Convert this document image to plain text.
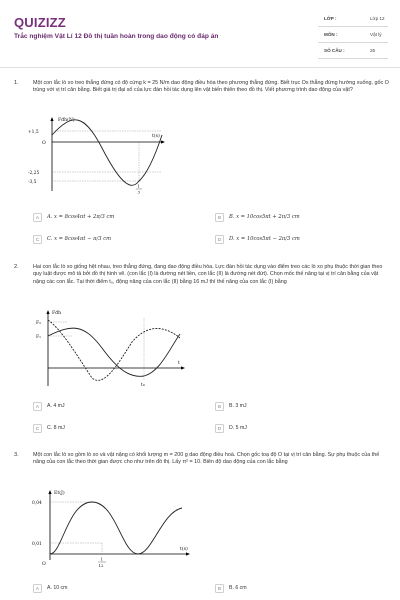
QUIZIZZ
Trắc nghiệm Vật Lí 12 Đồ thị tuần hoàn trong dao động có đáp án
LỚP :	Lớp 12
MÔN :	Vật lý
SỐ CÂU :	26
1.	Một con lắc lò xo treo thẳng đứng có độ cứng k = 25 N/m dao động điều hòa theo phương thẳng đứng. Biết trục Ox thẳng đứng hướng xuống, gốc O trùng với vị trí cân bằng. Biết giá trị đại số của lực đàn hồi tác dụng lên vật biến thiên theo đồ thị. Viết phương trình dao động của vật?
Fđh(N)
t(s)
+1,5
O
-2,25
-3,5
1
3
A	A. x = 8cos4πt + 2π/3 cm	B	B. x = 10cos5πt + 2π/3 cm
C	C. x = 8cos4πt − π/3 cm	D	D. x = 10cos5πt − 2π/3 cm
2.	Hai con lắc lò xo giống hệt nhau, treo thẳng đứng, đang dao động điều hòa. Lực đàn hồi tác dụng vào điểm treo các lò xo phụ thuộc thời gian theo quy luật được mô tả bởi đồ thị hình vẽ. (con lắc (I) là đường nét liền, con lắc (II) là đường nét đứt). Chọn mốc thế năng tại vị trí cân bằng của vật nặng các con lắc. Tại thời điểm t₀, động năng của con lắc (II) bằng 16 mJ thì thế năng của con lắc (I) bằng
Fđh
t
F₂
F₁
t₀
A	A. 4 mJ	B	B. 3 mJ
C	C. 8 mJ	D	D. 5 mJ
3.	Một con lắc lò xo gồm lò xo và vật nặng có khối lượng m = 200 g dao động điều hoà. Chọn gốc toạ độ O tại vị trí cân bằng. Sự phụ thuộc của thế năng của con lắc theo thời gian được cho như trên đồ thị. Lấy π² = 10. Biên độ dao động của con lắc bằng
Et(J)
t(s)
0,04
0,01
O
1
12
A	A. 10 cm	B	B. 6 cm
